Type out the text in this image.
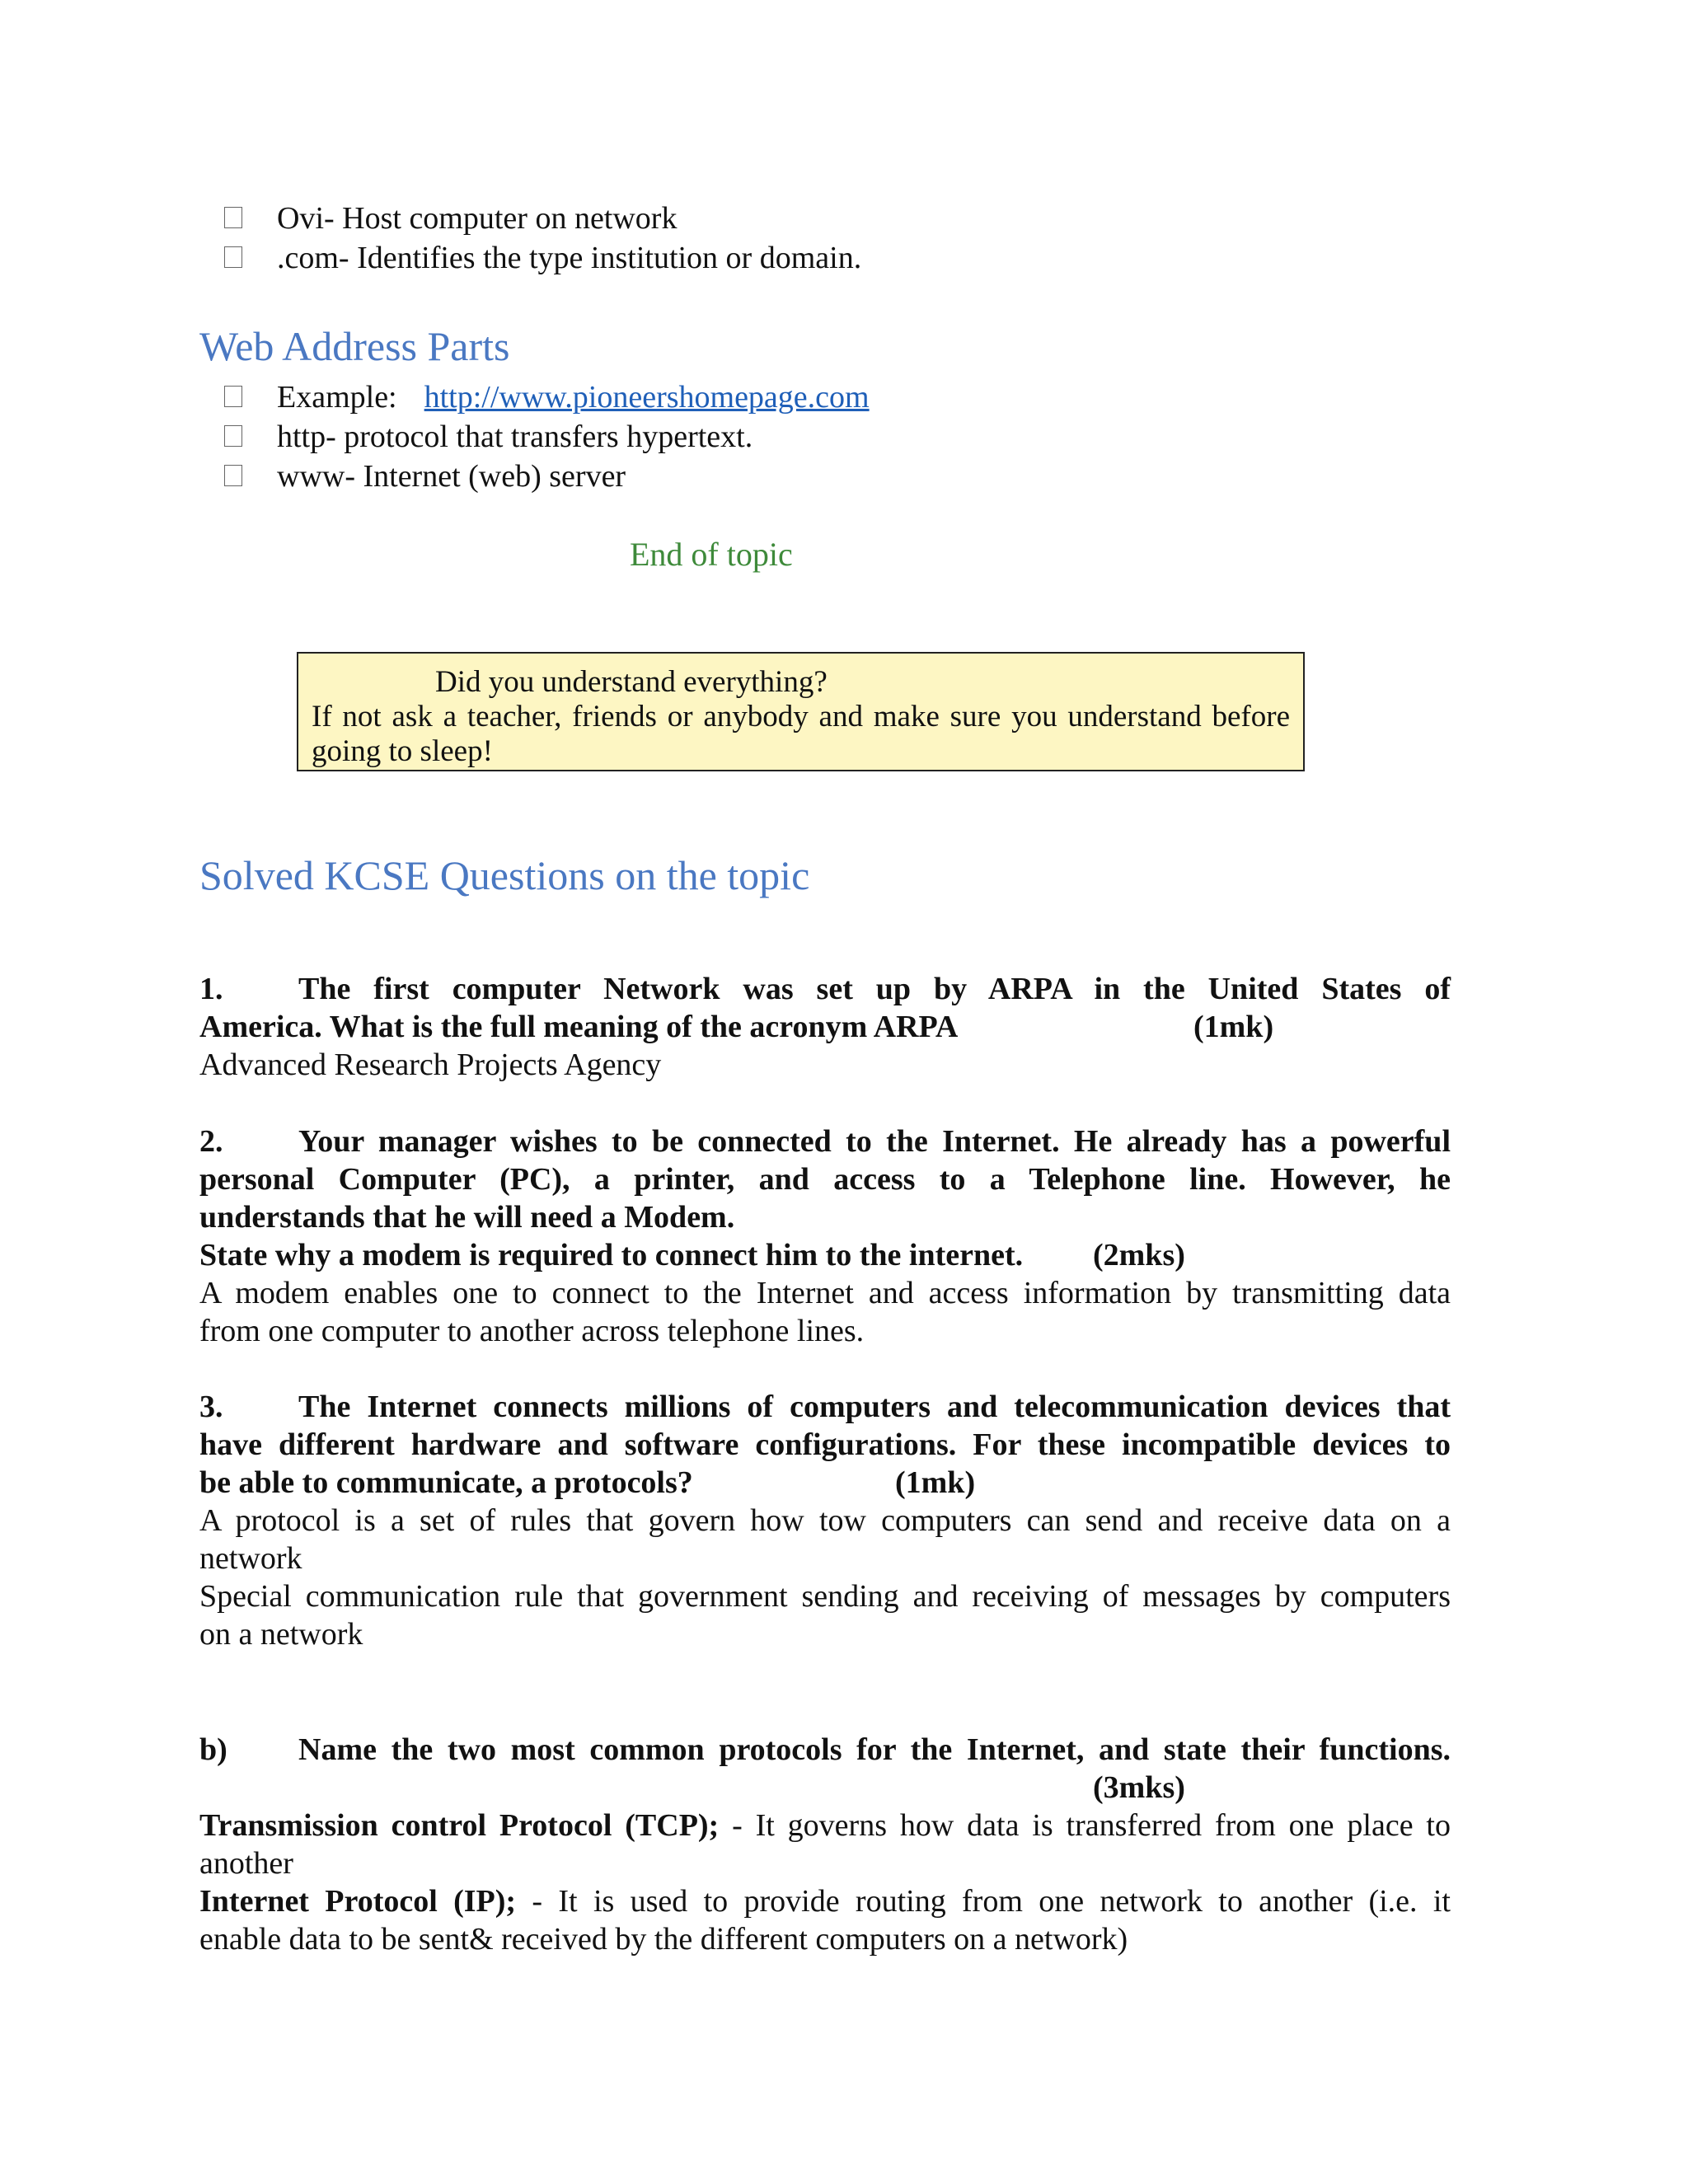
Ovi- Host computer on network
.com- Identifies the type institution or domain.
Web Address Parts
Example: http://www.pioneershomepage.com
http- protocol that transfers hypertext.
www- Internet (web) server
End of topic
Did you understand everything?
If not ask a teacher, friends or anybody and make sure you understand before
going to sleep!
Solved KCSE Questions on the topic
1. The first computer Network was set up by ARPA in the United States of
America. What is the full meaning of the acronym ARPA	(1mk)
Advanced Research Projects Agency
2. Your manager wishes to be connected to the Internet. He already has a powerful
personal Computer (PC), a printer, and access to a Telephone line. However, he
understands that he will need a Modem.
State why a modem is required to connect him to the internet. (2mks)
A modem enables one to connect to the Internet and access information by transmitting data
from one computer to another across telephone lines.
3. The Internet connects millions of computers and telecommunication devices that
have different hardware and software configurations. For these incompatible devices to
be able to communicate, a protocols?	(1mk)
A protocol is a set of rules that govern how tow computers can send and receive data on a
network
Special communication rule that government sending and receiving of messages by computers
on a network
b) Name the two most common protocols for the Internet, and state their functions.
(3mks)

Transmission control Protocol (TCP); - It governs how data is transferred from one place to
another
Internet Protocol (IP); - It is used to provide routing from one network to another (i.e. it
enable data to be sent& received by the different computers on a network)
